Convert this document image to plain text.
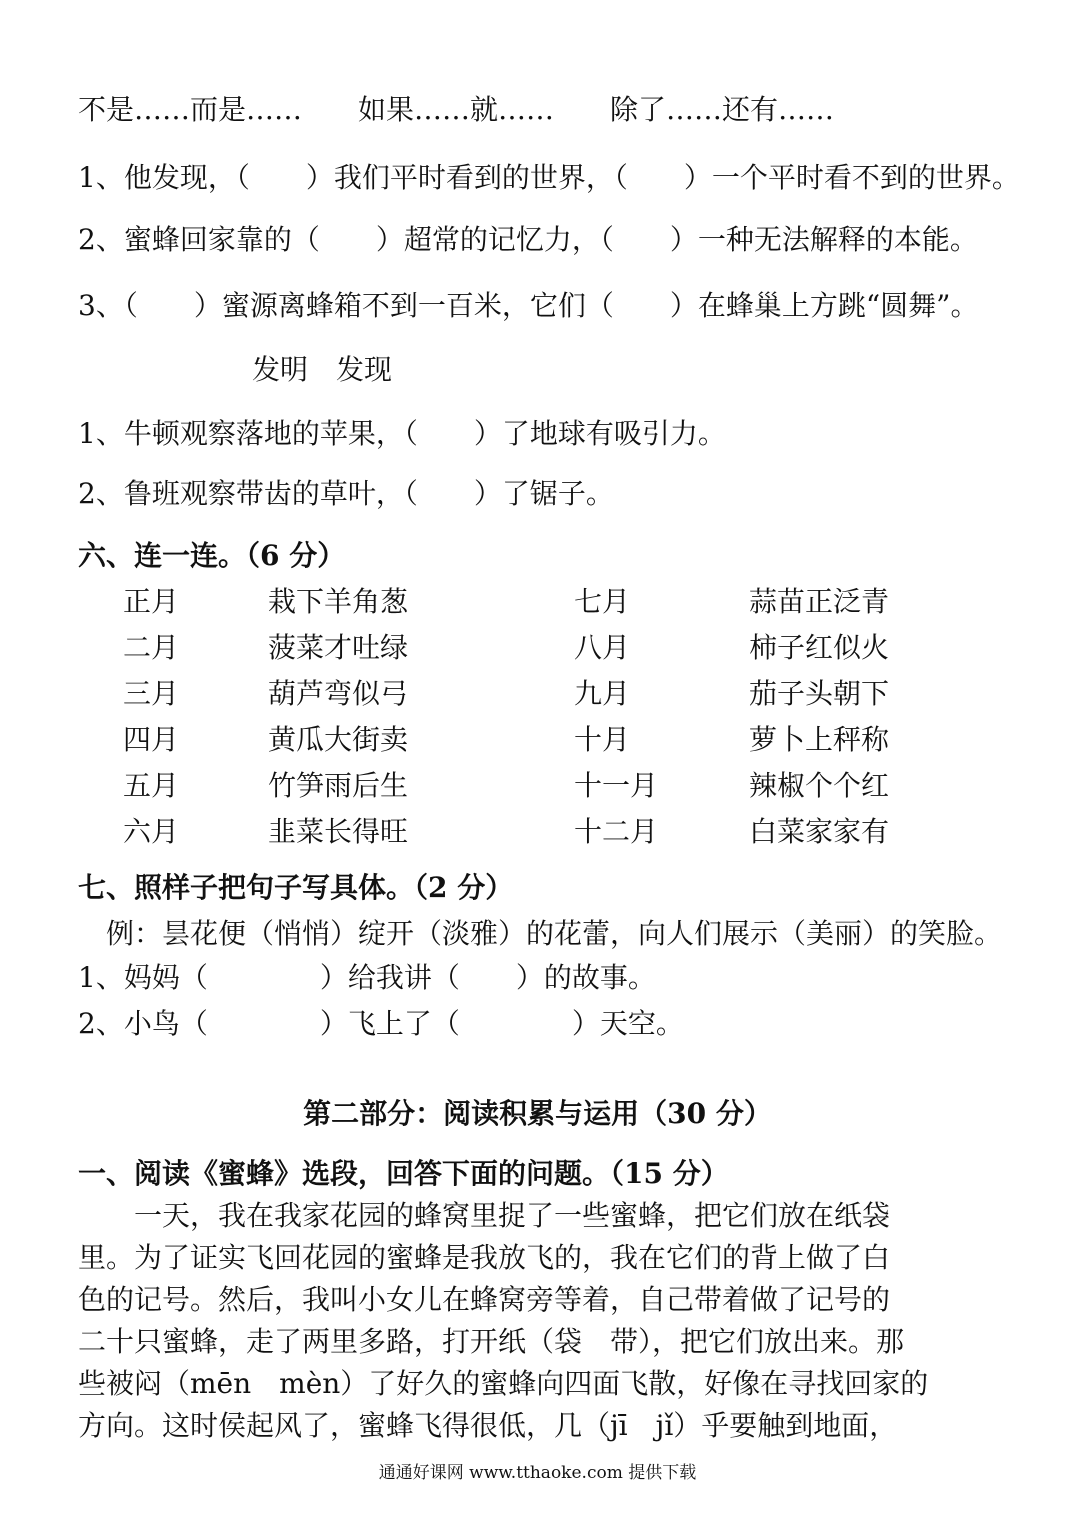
不是……而是……　　如果……就……　　除了……还有……
1、他发现，（　　）我们平时看到的世界，（　　）一个平时看不到的世界。
2、蜜蜂回家靠的（　　）超常的记忆力，（　　）一种无法解释的本能。
3、（　　）蜜源离蜂箱不到一百米，它们（　　）在蜂巢上方跳“圆舞”。
发明　发现
1、牛顿观察落地的苹果，（　　）了地球有吸引力。
2、鲁班观察带齿的草叶，（　　）了锯子。
六、连一连。（6 分）
正月	栽下羊角葱	七月	蒜苗正泛青
二月	菠菜才吐绿	八月	柿子红似火
三月	葫芦弯似弓	九月	茄子头朝下
四月	黄瓜大街卖	十月	萝卜上秤称
五月	竹笋雨后生	十一月	辣椒个个红
六月	韭菜长得旺	十二月	白菜家家有
七、照样子把句子写具体。（2 分）
例：昙花便（悄悄）绽开（淡雅）的花蕾，向人们展示（美丽）的笑脸。
1、妈妈（　　　　）给我讲（　　）的故事。
2、小鸟（　　　　）飞上了（　　　　）天空。
第二部分：阅读积累与运用（30 分）
一、阅读《蜜蜂》选段，回答下面的问题。（15 分）
　　一天，我在我家花园的蜂窝里捉了一些蜜蜂，把它们放在纸袋
里。为了证实飞回花园的蜜蜂是我放飞的，我在它们的背上做了白
色的记号。然后，我叫小女儿在蜂窝旁等着，自己带着做了记号的
二十只蜜蜂，走了两里多路，打开纸（袋　带），把它们放出来。那
些被闷（mēn　mèn）了好久的蜜蜂向四面飞散，好像在寻找回家的
方向。这时侯起风了，蜜蜂飞得很低，几（jī　jǐ）乎要触到地面，
通通好课网 www.tthaoke.com 提供下载
